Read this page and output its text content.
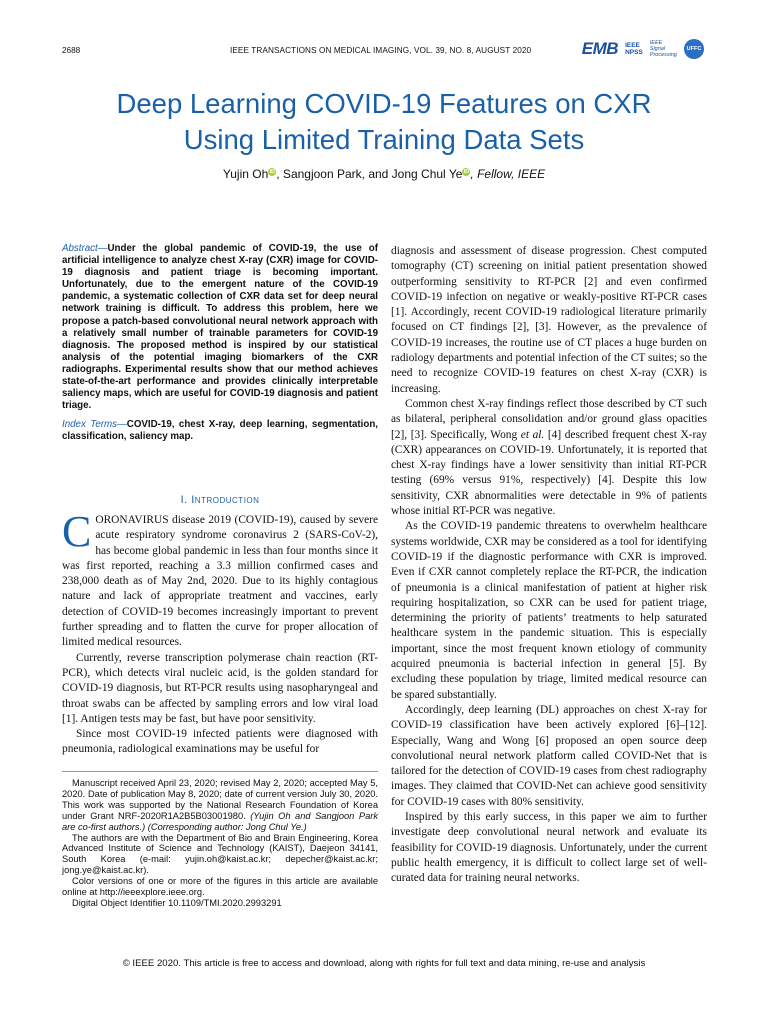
2688	IEEE TRANSACTIONS ON MEDICAL IMAGING, VOL. 39, NO. 8, AUGUST 2020	EMB IEEE
NPSS
IEEE
Signal
Processing
UFFC
Deep Learning COVID-19 Features on CXR
Using Limited Training Data Sets
Yujin OhiD, Sangjoon Park, and Jong Chul YeiD, Fellow, IEEE
Abstract—Under the global pandemic of COVID-19, the use of artificial intelligence to analyze chest X-ray (CXR) image for COVID-19 diagnosis and patient triage is becoming important. Unfortunately, due to the emergent nature of the COVID-19 pandemic, a systematic collection of CXR data set for deep neural network training is difficult. To address this problem, here we propose a patch-based convolutional neural network approach with a relatively small number of trainable parameters for COVID-19 diagnosis. The proposed method is inspired by our statistical analysis of the potential imaging biomarkers of the CXR radiographs. Experimental results show that our method achieves state-of-the-art performance and provides clinically interpretable saliency maps, which are useful for COVID-19 diagnosis and patient triage.
Index Terms—COVID-19, chest X-ray, deep learning, segmentation, classification, saliency map.
I. Introduction

CORONAVIRUS disease 2019 (COVID-19), caused by severe acute respiratory syndrome coronavirus 2 (SARS-CoV-2), has become global pandemic in less than four months since it was first reported, reaching a 3.3 million confirmed cases and 238,000 death as of May 2nd, 2020. Due to its highly contagious nature and lack of appropriate treatment and vaccines, early detection of COVID-19 becomes increasingly important to prevent further spreading and to flatten the curve for proper allocation of limited medical resources.

Currently, reverse transcription polymerase chain reaction (RT-PCR), which detects viral nucleic acid, is the golden standard for COVID-19 diagnosis, but RT-PCR results using nasopharyngeal and throat swabs can be affected by sampling errors and low viral load [1]. Antigen tests may be fast, but have poor sensitivity.

Since most COVID-19 infected patients were diagnosed with pneumonia, radiological examinations may be useful for

Manuscript received April 23, 2020; revised May 2, 2020; accepted May 5, 2020. Date of publication May 8, 2020; date of current version July 30, 2020. This work was supported by the National Research Foundation of Korea under Grant NRF-2020R1A2B5B03001980. (Yujin Oh and Sangjoon Park are co-first authors.) (Corresponding author: Jong Chul Ye.)

The authors are with the Department of Bio and Brain Engineering, Korea Advanced Institute of Science and Technology (KAIST), Daejeon 34141, South Korea (e-mail: yujin.oh@kaist.ac.kr; depecher@kaist.ac.kr; jong.ye@kaist.ac.kr).

Color versions of one or more of the figures in this article are available online at http://ieeexplore.ieee.org.

Digital Object Identifier 10.1109/TMI.2020.2993291

diagnosis and assessment of disease progression. Chest computed tomography (CT) screening on initial patient presentation showed outperforming sensitivity to RT-PCR [2] and even confirmed COVID-19 infection on negative or weakly-positive RT-PCR cases [1]. Accordingly, recent COVID-19 radiological literature primarily focused on CT findings [2], [3]. However, as the prevalence of COVID-19 increases, the routine use of CT places a huge burden on radiology departments and potential infection of the CT suites; so the need to recognize COVID-19 features on chest X-ray (CXR) is increasing.

Common chest X-ray findings reflect those described by CT such as bilateral, peripheral consolidation and/or ground glass opacities [2], [3]. Specifically, Wong et al. [4] described frequent chest X-ray (CXR) appearances on COVID-19. Unfortunately, it is reported that chest X-ray findings have a lower sensitivity than initial RT-PCR testing (69% versus 91%, respectively) [4]. Despite this low sensitivity, CXR abnormalities were detectable in 9% of patients whose initial RT-PCR was negative.

As the COVID-19 pandemic threatens to overwhelm healthcare systems worldwide, CXR may be considered as a tool for identifying COVID-19 if the diagnostic performance with CXR is improved. Even if CXR cannot completely replace the RT-PCR, the indication of pneumonia is a clinical manifestation of patient at higher risk requiring hospitalization, so CXR can be used for patient triage, determining the priority of patients’ treatments to help saturated healthcare system in the pandemic situation. This is especially important, since the most frequent known etiology of community acquired pneumonia is bacterial infection in general [5]. By excluding these population by triage, limited medical resource can be spared substantially.

Accordingly, deep learning (DL) approaches on chest X-ray for COVID-19 classification have been actively explored [6]–[12]. Especially, Wang and Wong [6] proposed an open source deep convolutional neural network platform called COVID-Net that is tailored for the detection of COVID-19 cases from chest radiography images. They claimed that COVID-Net can achieve good sensitivity for COVID-19 cases with 80% sensitivity.

Inspired by this early success, in this paper we aim to further investigate deep convolutional neural network and evaluate its feasibility for COVID-19 diagnosis. Unfortunately, under the current public health emergency, it is difficult to collect large set of well-curated data for training neural networks.

© IEEE 2020. This article is free to access and download, along with rights for full text and data mining, re-use and analysis
